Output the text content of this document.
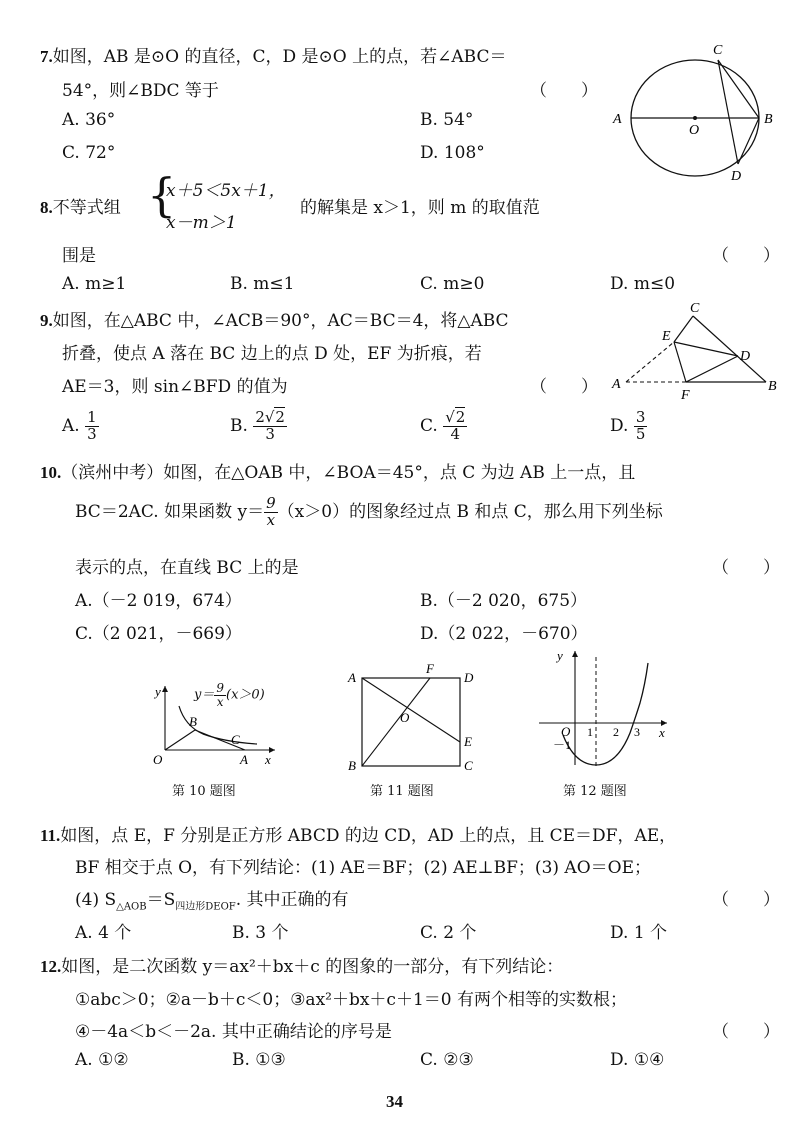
7.如图，AB 是⊙O 的直径，C，D 是⊙O 上的点，若∠ABC＝
54°，则∠BDC 等于	（　　）
A. 36°	B. 54°
C. 72°	D. 108°
C
A
O
B
D
8.不等式组 {
x＋5＜5x＋1，
x－m＞1
的解集是 x＞1，则 m 的取值范
围是	（　　）
A. m≥1	B. m≤1	C. m≥0	D. m≤0
9.如图，在△ABC 中，∠ACB＝90°，AC＝BC＝4，将△ABC
折叠，使点 A 落在 BC 边上的点 D 处，EF 为折痕，若
AE＝3，则 sin∠BFD 的值为	（　　）
A. $\frac{1}{3}$	B. $\frac{2√2}{3}$	C. $\frac{√2}{4}$	D. $\frac{3}{5}$
C
E
D
A
F
B
10.（滨州中考）如图，在△OAB 中，∠BOA＝45°，点 C 为边 AB 上一点，且
BC＝2AC. 如果函数 $y= \frac{9}{x} (x>0)$的图象经过点 B 和点 C，那么用下列坐标
表示的点，在直线 BC 上的是	（　　）
A.（－2 019，674）	B.（－2 020，675）
C.（2 021，－669）	D.（2 022，－670）
y
B
C
O	A x
$y= \frac{9}{x} (x>0)$
第 10 题图
A
F
D
O
E
B	C
第 11 题图
y
O 1 2 3 x
－1
第 12 题图
11.如图，点 E，F 分别是正方形 ABCD 的边 CD，AD 上的点，且 CE＝DF，AE，
BF 相交于点 O，有下列结论：(1) AE＝BF；(2) AE⊥BF；(3) AO＝OE；
(4) $S_{\triangle AOB}=S_{四边形DEOF}$. 其中正确的有	（　　）
A. 4 个	B. 3 个	C. 2 个	D. 1 个
12.如图，是二次函数 y＝ax²＋bx＋c 的图象的一部分，有下列结论：
①abc＞0；②a－b＋c＜0；③ax²＋bx＋c＋1＝0 有两个相等的实数根；
④－4a＜b＜－2a. 其中正确结论的序号是	（　　）
A. ①②	B. ①③	C. ②③	D. ①④
34
